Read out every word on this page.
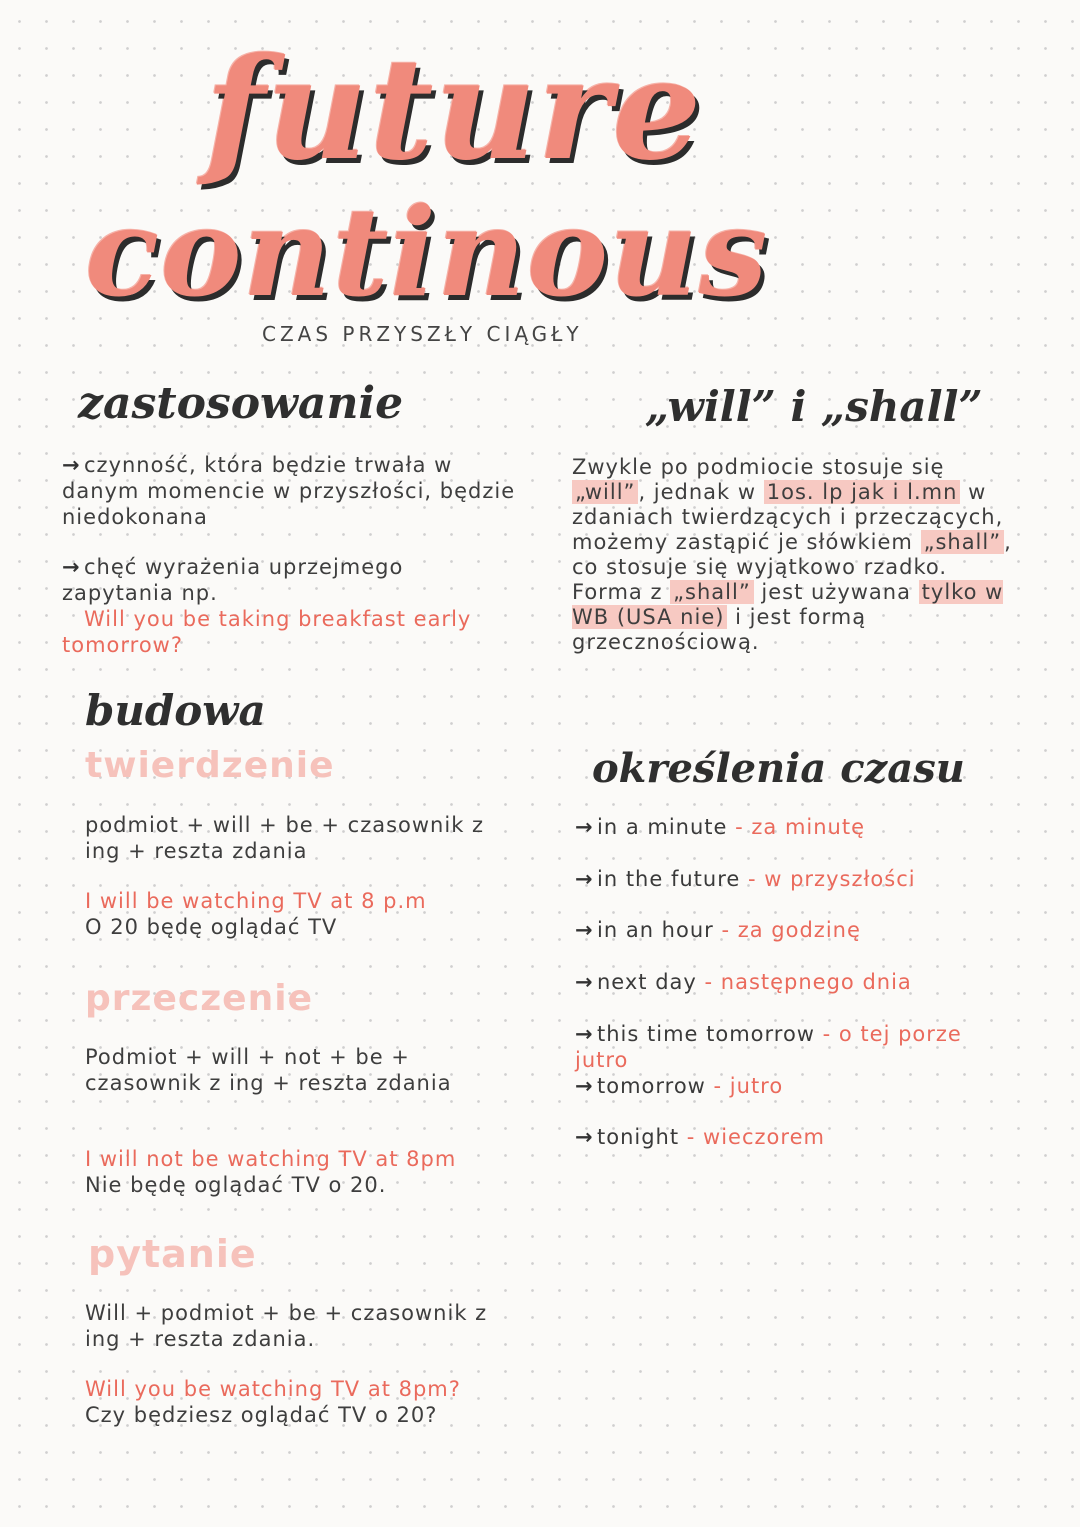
future
continous
CZAS PRZYSZŁY CIĄGŁY
zastosowanie
→ czynność, która będzie trwała w danym momencie w przyszłości, będzie niedokonana
→ chęć wyrażenia uprzejmego zapytania np.
Will you be taking breakfast early tomorrow?
budowa
twierdzenie
podmiot + will + be + czasownik z ing + reszta zdania
I will be watching TV at 8 p.m
O 20 będę oglądać TV
przeczenie
Podmiot + will + not + be + czasownik z ing + reszta zdania
I will not be watching TV at 8pm
Nie będę oglądać TV o 20.
pytanie
Will + podmiot + be + czasownik z ing + reszta zdania.
Will you be watching TV at 8pm?
Czy będziesz oglądać TV o 20?
„will” i „shall”
Zwykle po podmiocie stosuje się „will” , jednak w 1os. lp jak i l.mn w zdaniach twierdzących i przeczących, możemy zastąpić je słówkiem „shall” , co stosuje się wyjątkowo rzadko. Forma z „shall” jest używana tylko w WB (USA nie) i jest formą grzecznościową.
określenia czasu
→ in a minute - za minutę
→ in the future - w przyszłości
→ in an hour - za godzinę
→ next day - następnego dnia
→ this time tomorrow - o tej porze jutro
→ tomorrow - jutro
→ tonight - wieczorem
